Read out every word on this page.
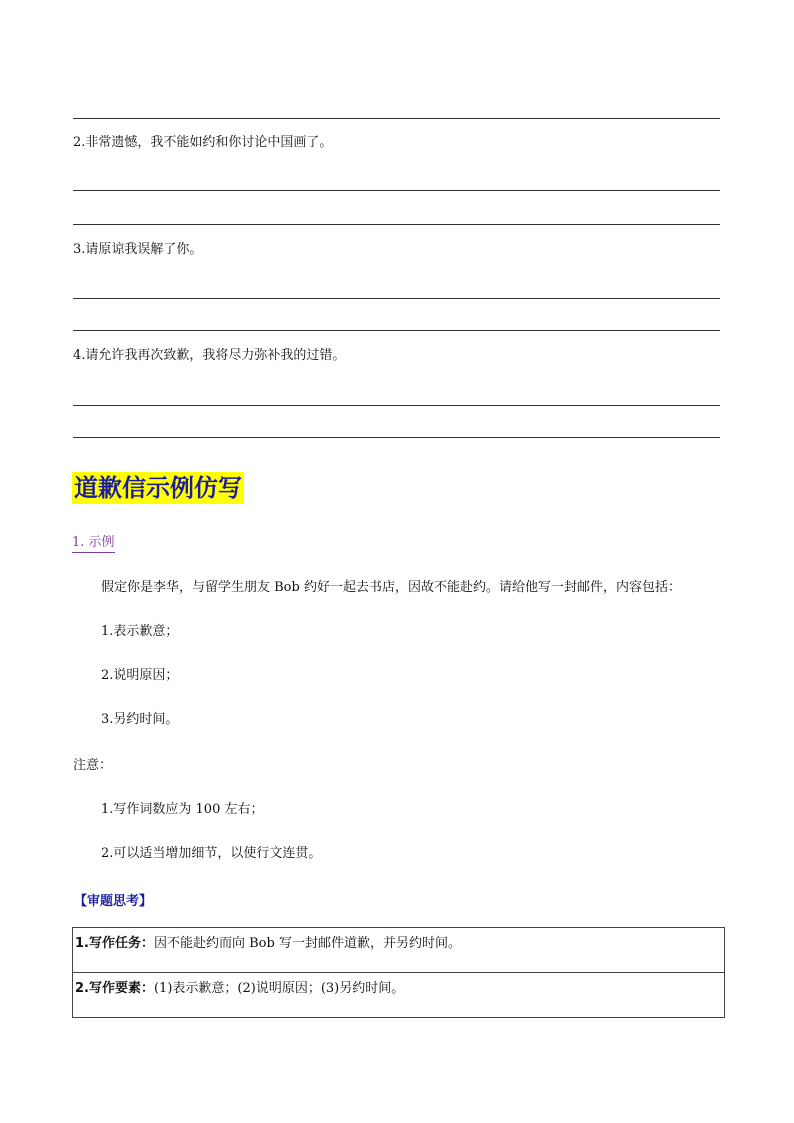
2.非常遗憾，我不能如约和你讨论中国画了。
3.请原谅我误解了你。
4.请允许我再次致歉，我将尽力弥补我的过错。
道歉信示例仿写
1. 示例
假定你是李华，与留学生朋友 Bob 约好一起去书店，因故不能赴约。请给他写一封邮件，内容包括：
1.表示歉意；
2.说明原因；
3.另约时间。
注意：
1.写作词数应为 100 左右；
2.可以适当增加细节，以使行文连贯。
【审题思考】
1.写作任务：因不能赴约而向 Bob 写一封邮件道歉，并另约时间。
2.写作要素：(1)表示歉意；(2)说明原因；(3)另约时间。
